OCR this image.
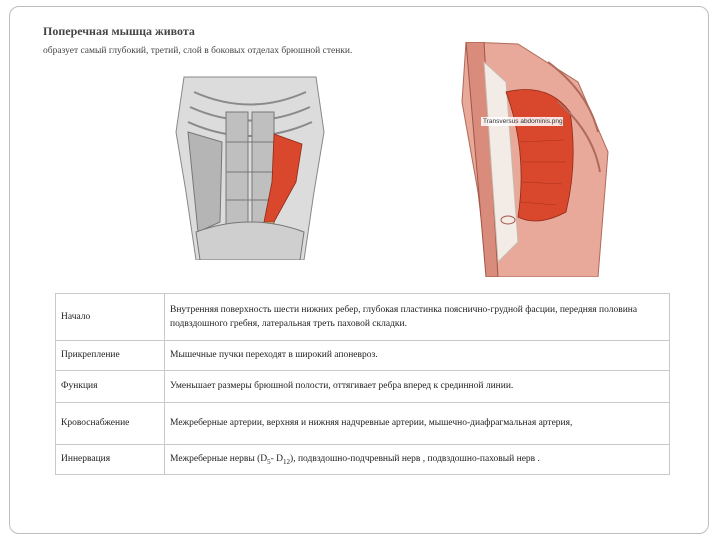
Поперечная мышца живота
образует самый глубокий, третий, слой в боковых отделах брюшной стенки.
Transversus abdominis.png
Начало	Внутренняя поверхность шести нижних ребер, глубокая пластинка пояснично-грудной фасции, передняя половина подвздошного гребня, латеральная треть паховой складки.
Прикрепление	Мышечные пучки переходят в широкий апоневроз.
Функция	Уменьшает размеры брюшной полости, оттягивает ребра вперед к срединной линии.
Кровоснабжение	Межреберные артерии, верхняя и нижняя надчревные артерии, мышечно-диафрагмальная артерия,
Иннервация	Межреберные нервы ($D_5-$ $D_{12}$), подвздошно-подчревный нерв , подвздошно-паховый нерв .
